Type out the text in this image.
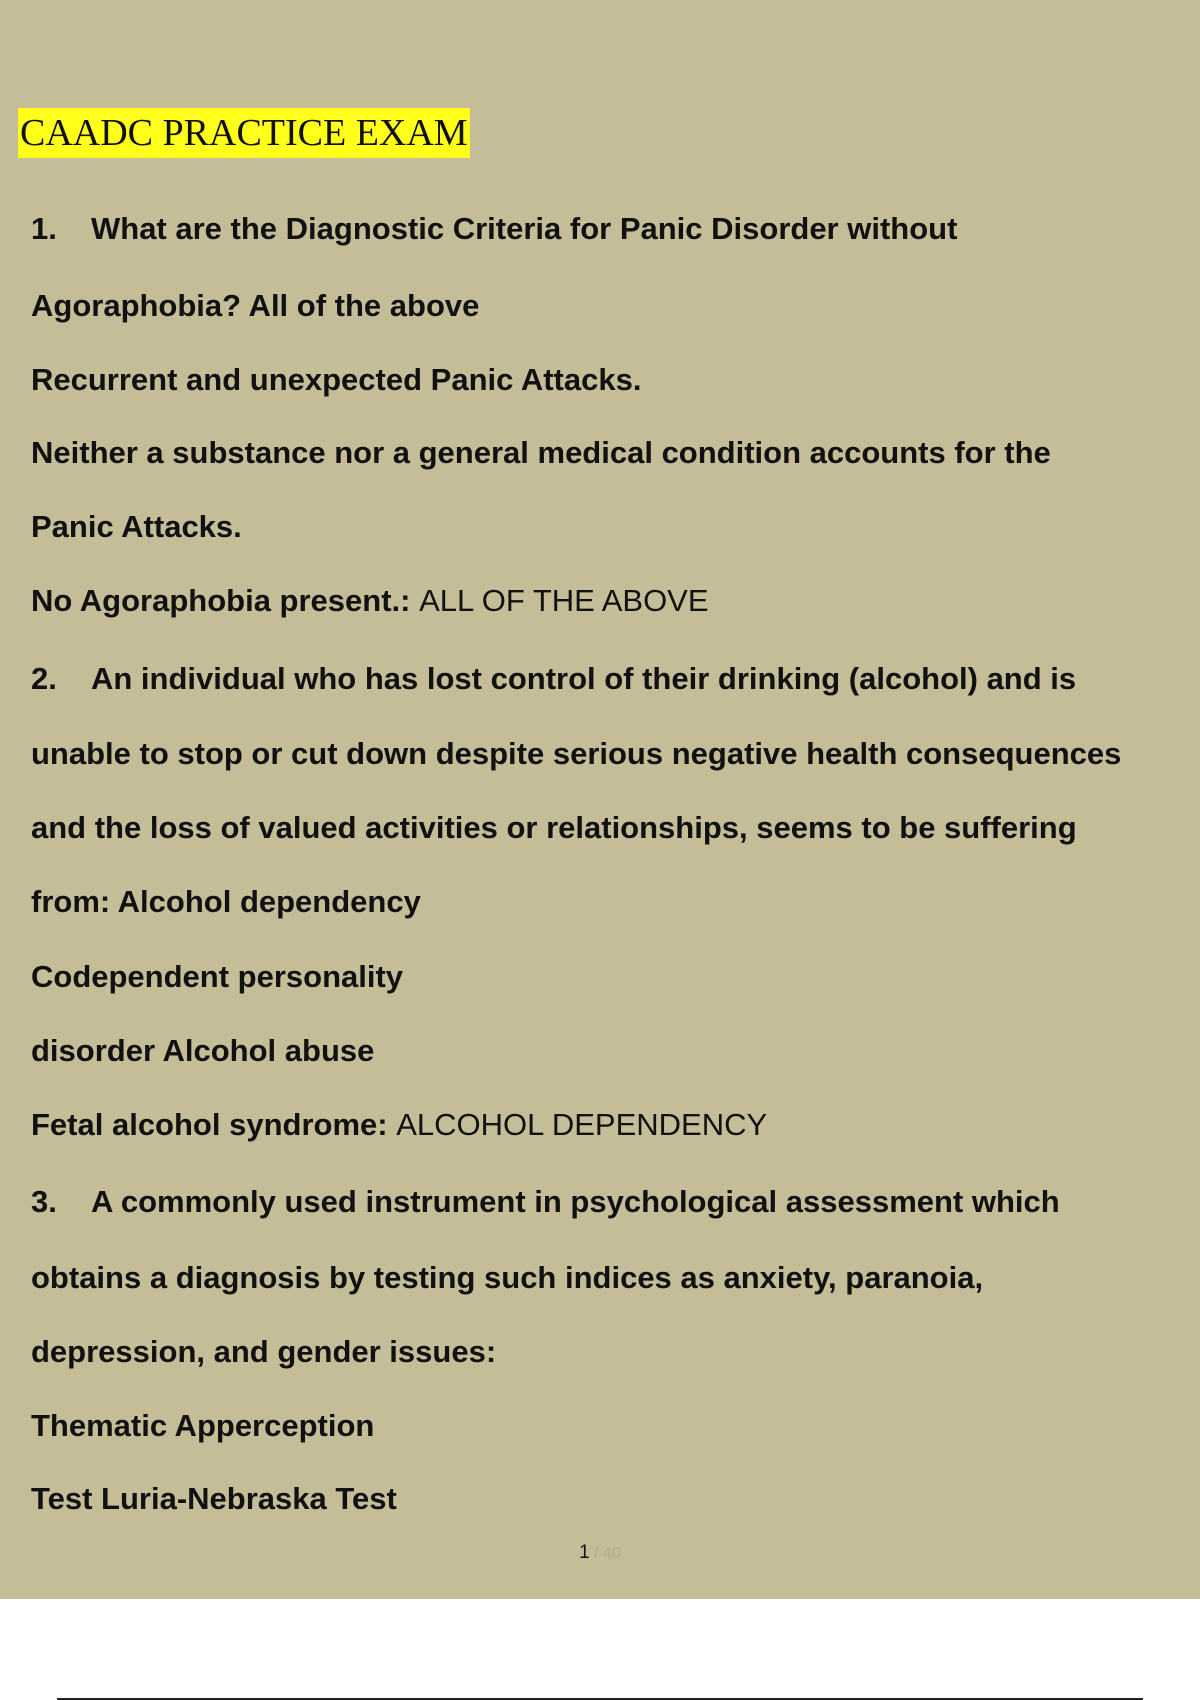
CAADC PRACTICE EXAM
1. What are the Diagnostic Criteria for Panic Disorder without
Agoraphobia? All of the above
Recurrent and unexpected Panic Attacks.
Neither a substance nor a general medical condition accounts for the
Panic Attacks.
No Agoraphobia present.: ALL OF THE ABOVE
2. An individual who has lost control of their drinking (alcohol) and is
unable to stop or cut down despite serious negative health consequences
and the loss of valued activities or relationships, seems to be suffering
from: Alcohol dependency
Codependent personality
disorder Alcohol abuse
Fetal alcohol syndrome: ALCOHOL DEPENDENCY
3. A commonly used instrument in psychological assessment which
obtains a diagnosis by testing such indices as anxiety, paranoia,
depression, and gender issues:
Thematic Apperception
Test Luria-Nebraska Test
1 / 40
